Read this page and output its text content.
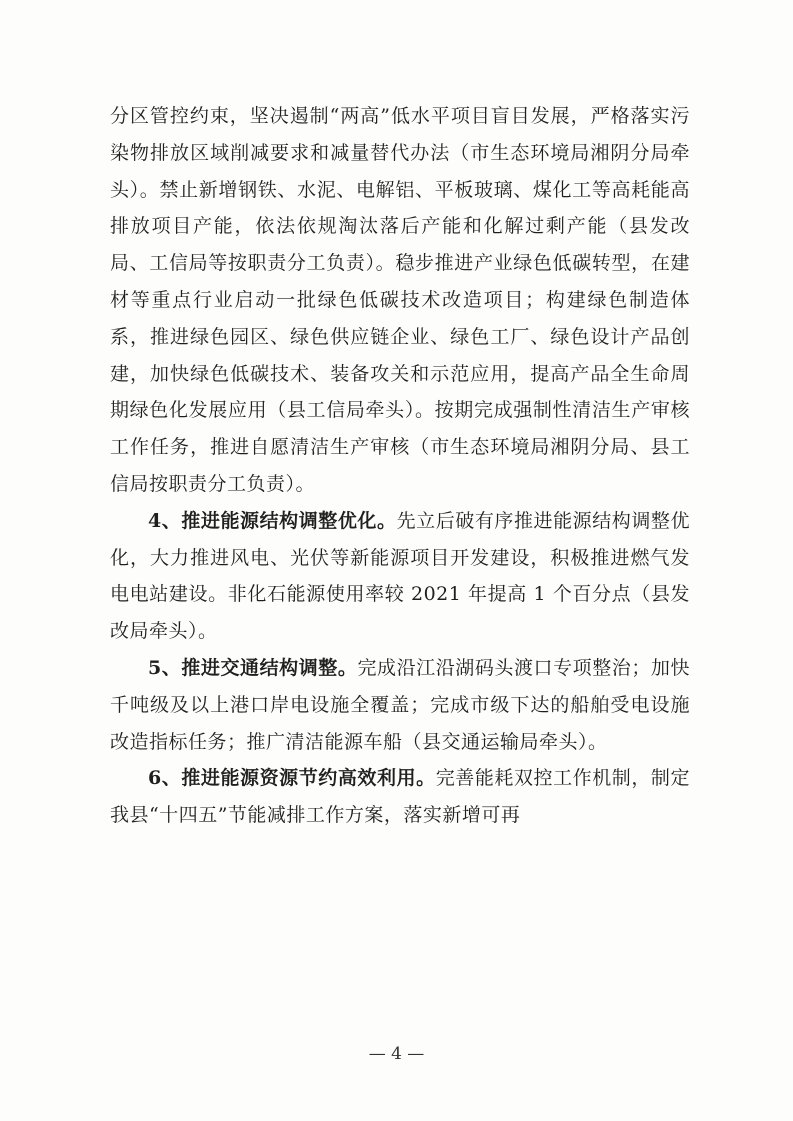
分区管控约束，坚决遏制“两高”低水平项目盲目发展，严格落实污染物排放区域削减要求和减量替代办法（市生态环境局湘阴分局牵头）。禁止新增钢铁、水泥、电解铝、平板玻璃、煤化工等高耗能高排放项目产能，依法依规淘汰落后产能和化解过剩产能（县发改局、工信局等按职责分工负责）。稳步推进产业绿色低碳转型，在建材等重点行业启动一批绿色低碳技术改造项目；构建绿色制造体系，推进绿色园区、绿色供应链企业、绿色工厂、绿色设计产品创建，加快绿色低碳技术、装备攻关和示范应用，提高产品全生命周期绿色化发展应用（县工信局牵头）。按期完成强制性清洁生产审核工作任务，推进自愿清洁生产审核（市生态环境局湘阴分局、县工信局按职责分工负责）。

4、推进能源结构调整优化。先立后破有序推进能源结构调整优化，大力推进风电、光伏等新能源项目开发建设，积极推进燃气发电电站建设。非化石能源使用率较 2021 年提高 1 个百分点（县发改局牵头）。

5、推进交通结构调整。完成沿江沿湖码头渡口专项整治；加快千吨级及以上港口岸电设施全覆盖；完成市级下达的船舶受电设施改造指标任务；推广清洁能源车船（县交通运输局牵头）。

6、推进能源资源节约高效利用。完善能耗双控工作机制，制定我县“十四五”节能减排工作方案，落实新增可再

— 4 —
